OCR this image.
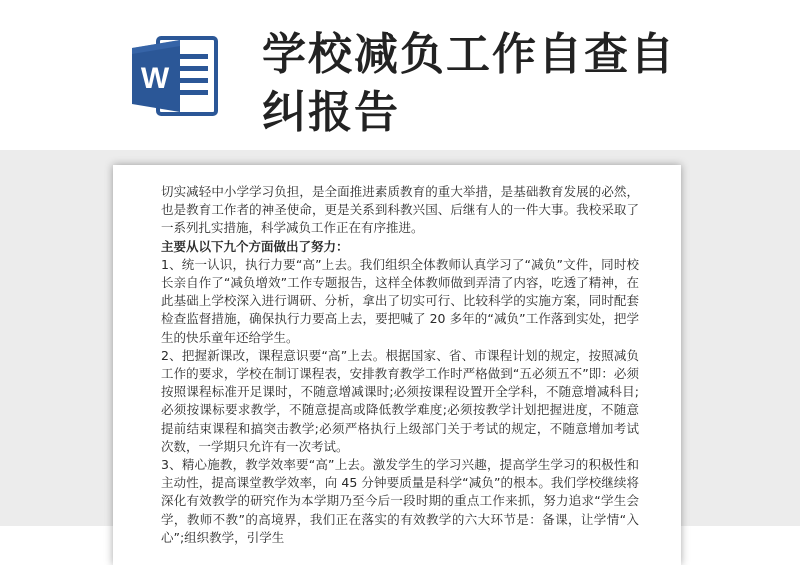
W 学校减负工作自查自纠报告

切实减轻中小学学习负担，是全面推进素质教育的重大举措，是基础教育发展的必然，也是教育工作者的神圣使命，更是关系到科教兴国、后继有人的一件大事。我校采取了一系列扎实措施，科学减负工作正在有序推进。

主要从以下九个方面做出了努力：

1、统一认识，执行力要“高”上去。我们组织全体教师认真学习了“减负”文件，同时校长亲自作了“减负增效”工作专题报告，这样全体教师做到弄清了内容，吃透了精神，在此基础上学校深入进行调研、分析，拿出了切实可行、比较科学的实施方案，同时配套检查监督措施，确保执行力要高上去，要把喊了 20 多年的“减负”工作落到实处，把学生的快乐童年还给学生。

2、把握新课改，课程意识要“高”上去。根据国家、省、市课程计划的规定，按照减负工作的要求，学校在制订课程表，安排教育教学工作时严格做到“五必须五不”即：必须按照课程标准开足课时，不随意增减课时;必须按课程设置开全学科，不随意增减科目;必须按课标要求教学，不随意提高或降低教学难度;必须按教学计划把握进度，不随意提前结束课程和搞突击教学;必须严格执行上级部门关于考试的规定，不随意增加考试次数，一学期只允许有一次考试。

3、精心施教，教学效率要“高”上去。激发学生的学习兴趣，提高学生学习的积极性和主动性，提高课堂教学效率，向 45 分钟要质量是科学“减负”的根本。我们学校继续将深化有效教学的研究作为本学期乃至今后一段时期的重点工作来抓，努力追求“学生会学，教师不教”的高境界，我们正在落实的有效教学的六大环节是：备课，让学情“入心”;组织教学，引学生
